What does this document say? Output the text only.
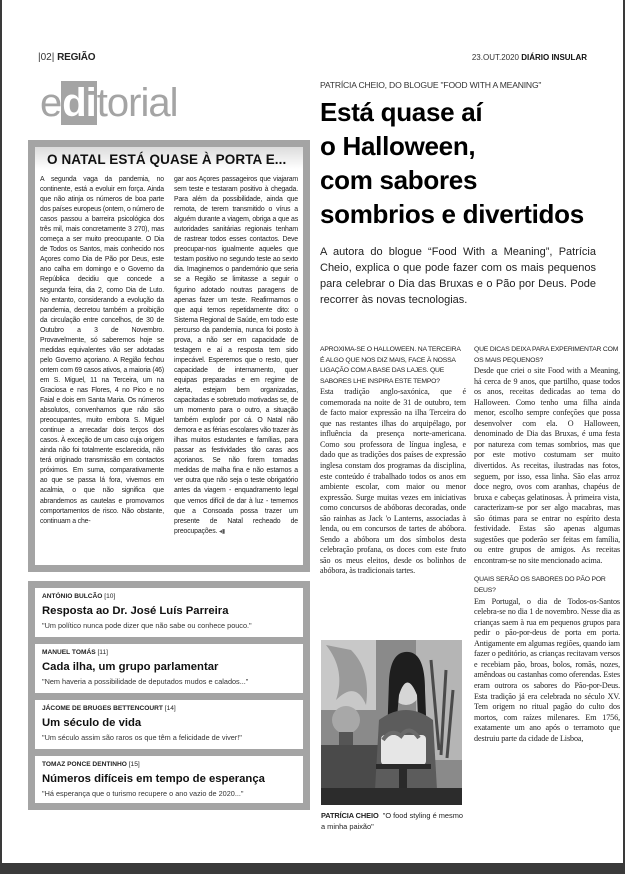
|02| REGIÃO	23.OUT.2020 DIÁRIO INSULAR
editorial
O NATAL ESTÁ QUASE À PORTA E...
A segunda vaga da pandemia, no continente, está a evoluir em força. Ainda que não atinja os números de boa parte dos países europeus (ontem, o número de casos passou a barreira psicológica dos três mil, mais concretamente 3 270), mas começa a ser muito preocupante. O Dia de Todos os Santos, mais conhecido nos Açores como Dia de Pão por Deus, este ano calha em domingo e o Governo da República decidiu que concede a segunda feira, dia 2, como Dia de Luto. No entanto, considerando a evolução da pandemia, decretou também a proibição da circulação entre concelhos, de 30 de Outubro a 3 de Novembro. Provavelmente, só saberemos hoje se medidas equivalentes vão ser adotadas pelo Governo açoriano. A Região fechou ontem com 69 casos ativos, a maioria (46) em S. Miguel, 11 na Terceira, um na Graciosa e nas Flores, 4 no Pico e no Faial e dois em Santa Maria. Os números absolutos, convenhamos que não são preocupantes, muito embora S. Miguel continue a arrecadar dois terços dos casos. À exceção de um caso cuja origem ainda não foi totalmente esclarecida, não terá originado transmissão em contactos próximos. Em suma, comparativamente ao que se passa lá fora, vivemos em acalmia, o que não significa que abrandemos as cautelas e promovamos comportamentos de risco. Não obstante, continuam a che-
gar aos Açores passageiros que viajaram sem teste e testaram positivo à chegada. Para além da possibilidade, ainda que remota, de terem transmitido o vírus a alguém durante a viagem, obriga a que as autoridades sanitárias regionais tenham de rastrear todos esses contactos. Deve preocupar-nos igualmente aqueles que testam positivo no segundo teste ao sexto dia. Imaginemos o pandemónio que seria se a Região se limitasse a seguir o figurino adotado noutras paragens de apenas fazer um teste. Reafirmamos o que aqui temos repetidamente dito: o Sistema Regional de Saúde, em todo este percurso da pandemia, nunca foi posto à prova, a não ser em capacidade de testagem e aí a resposta tem sido impecável. Esperemos que o resto, quer capacidade de internamento, quer equipas preparadas e em regime de alerta, estejam bem organizadas, capacitadas e sobretudo motivadas se, de um momento para o outro, a situação também explodir por cá. O Natal não demora e as férias escolares vão trazer às ilhas muitos estudantes e famílias, para passar as festividades tão caras aos açorianos. Se não forem tomadas medidas de malha fina e não estamos a ver outra que não seja o teste obrigatório antes da viagem - enquadramento legal que vemos difícil de dar à luz - tememos que a Consoada possa trazer um presente de Natal recheado de preocupações. ◂▮
ANTÓNIO BULCÃO [10]
Resposta ao Dr. José Luís Parreira
"Um político nunca pode dizer que não sabe ou conhece pouco."
MANUEL TOMÁS [11]
Cada ilha, um grupo parlamentar
"Nem haveria a possibilidade de deputados mudos e calados..."
JÁCOME DE BRUGES BETTENCOURT [14]
Um século de vida
"Um século assim são raros os que têm a felicidade de viver!"
TOMAZ PONCE DENTINHO [15]
Números difíceis em tempo de esperança
"Há esperança que o turismo recupere o ano vazio de 2020..."
PATRÍCIA CHEIO, DO BLOGUE "FOOD WITH A MEANING"
Está quase aí
o Halloween,
com sabores
sombrios e divertidos
A autora do blogue “Food With a Meaning”, Patrícia Cheio, explica o que pode fazer com os mais pequenos para celebrar o Dia das Bruxas e o Pão por Deus. Pode recorrer às novas tecnologias.
APROXIMA-SE O HALLOWEEN. NA TERCEIRA É ALGO QUE NOS DIZ MAIS, FACE À NOSSA LIGAÇÃO COM A BASE DAS LAJES. QUE SABORES LHE INSPIRA ESTE TEMPO?
Esta tradição anglo-saxónica, que é comemorada na noite de 31 de outubro, tem de facto maior expressão na ilha Terceira do que nas restantes ilhas do arquipélago, por influência da presença norte-americana. Como sou professora de língua inglesa, e dado que as tradições dos países de expressão inglesa constam dos programas da disciplina, este conteúdo é trabalhado todos os anos em ambiente escolar, com maior ou menor expressão. Surge muitas vezes em iniciativas como concursos de abóboras decoradas, onde são rainhas as Jack 'o Lanterns, associadas à lenda, ou em concursos de tartes de abóbora. Sendo a abóbora um dos símbolos desta celebração profana, os doces com este fruto são os meus eleitos, desde os bolinhos de abóbora, às tradicionais tartes.
PATRÍCIA CHEIO "O food styling é mesmo a minha paixão"
QUE DICAS DEIXA PARA EXPERIMENTAR COM OS MAIS PEQUENOS?
Desde que criei o site Food with a Meaning, há cerca de 9 anos, que partilho, quase todos os anos, receitas dedicadas ao tema do Halloween. Como tenho uma filha ainda menor, escolho sempre confeções que possa desenvolver com ela. O Halloween, denominado de Dia das Bruxas, é uma festa por natureza com temas sombrios, mas que por este motivo costumam ser muito divertidos. As receitas, ilustradas nas fotos, seguem, por isso, essa linha. São elas arroz doce negro, ovos com aranhas, chapéus de bruxa e cabeças gelatinosas. À primeira vista, caracterizam-se por ser algo macabras, mas são ótimas para se entrar no espírito desta festividade. Estas são apenas algumas sugestões que poderão ser feitas em família, ou entre grupos de amigos. As receitas encontram-se no site mencionado acima.
QUAIS SERÃO OS SABORES DO PÃO POR DEUS?
Em Portugal, o dia de Todos-os-Santos celebra-se no dia 1 de novembro. Nesse dia as crianças saem à rua em pequenos grupos para pedir o pão-por-deus de porta em porta. Antigamente em algumas regiões, quando iam fazer o peditório, as crianças recitavam versos e recebiam pão, broas, bolos, romãs, nozes, amêndoas ou castanhas como oferendas. Estes eram outrora os sabores do Pão-por-Deus. Esta tradição já era celebrada no século XV. Tem origem no ritual pagão do culto dos mortos, com raízes milenares. Em 1756, exatamente um ano após o terramoto que destruiu parte da cidade de Lisboa,
